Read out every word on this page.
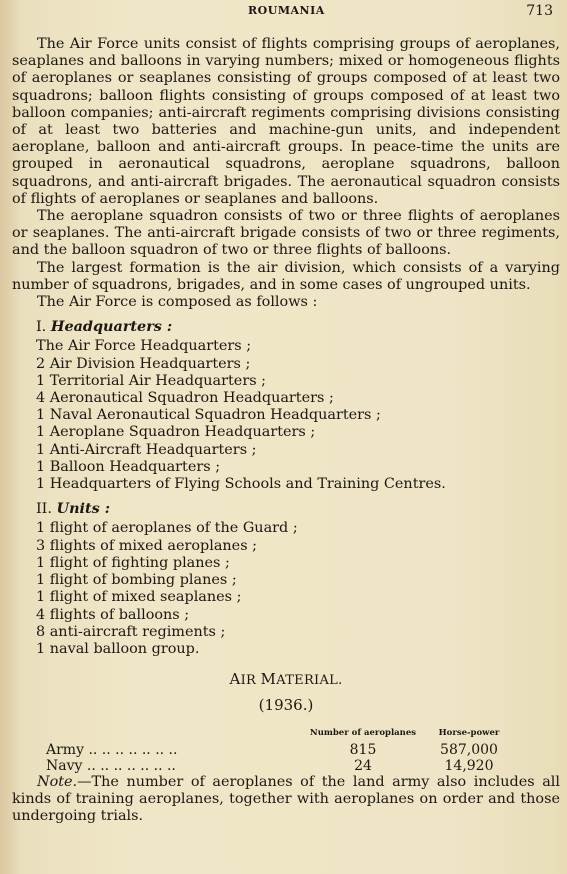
ROUMANIA	713

The Air Force units consist of flights comprising groups of aeroplanes, seaplanes and balloons in varying numbers; mixed or homogeneous flights of aeroplanes or seaplanes consisting of groups composed of at least two squadrons; balloon flights consisting of groups composed of at least two balloon companies; anti-aircraft regiments comprising divisions consisting of at least two batteries and machine-gun units, and independent aeroplane, balloon and anti-aircraft groups. In peace-time the units are grouped in aeronautical squadrons, aeroplane squadrons, balloon squadrons, and anti-aircraft brigades. The aeronautical squadron consists of flights of aeroplanes or seaplanes and balloons.

The aeroplane squadron consists of two or three flights of aeroplanes or seaplanes. The anti-aircraft brigade consists of two or three regiments, and the balloon squadron of two or three flights of balloons.

The largest formation is the air division, which consists of a varying number of squadrons, brigades, and in some cases of ungrouped units.

The Air Force is composed as follows :

I. Headquarters :
The Air Force Headquarters ;
2 Air Division Headquarters ;
1 Territorial Air Headquarters ;
4 Aeronautical Squadron Headquarters ;
1 Naval Aeronautical Squadron Headquarters ;
1 Aeroplane Squadron Headquarters ;
1 Anti-Aircraft Headquarters ;
1 Balloon Headquarters ;
1 Headquarters of Flying Schools and Training Centres.
II. Units :
1 flight of aeroplanes of the Guard ;
3 flights of mixed aeroplanes ;
1 flight of fighting planes ;
1 flight of bombing planes ;
1 flight of mixed seaplanes ;
4 flights of balloons ;
8 anti-aircraft regiments ;
1 naval balloon group.
AIR MATERIAL.
(1936.)
	Number of aeroplanes	Horse-power
Army .. .. .. .. .. .. ..	815	587,000
Navy .. .. .. .. .. .. ..	24	14,920

Note.—The number of aeroplanes of the land army also includes all kinds of training aeroplanes, together with aeroplanes on order and those undergoing trials.
